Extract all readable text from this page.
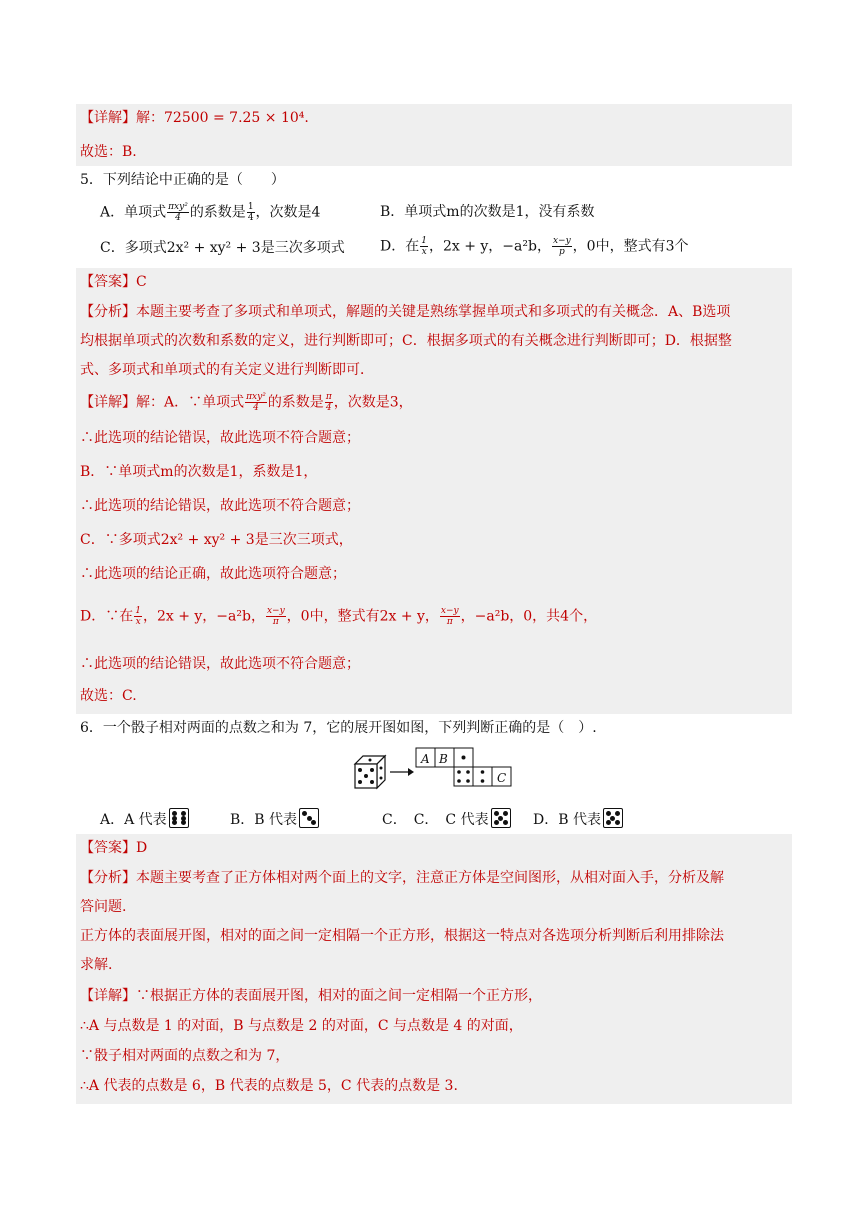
【详解】解：72500 = 7.25 × 10⁴.
故选：B.
5．下列结论中正确的是（　　）
A．单项式 $\frac{\text{πxy²}}{4}$ 的系数是 $\frac{1}{4}$ ，次数是4	B．单项式m的次数是1，没有系数
C．多项式2x² + xy² + 3是三次多项式	D．在 $\frac{1}{x}$ ，2x + y，−a²b， $\frac{x-y}{p}$ ，0中，整式有3个
【答案】C
【分析】本题主要考查了多项式和单项式，解题的关键是熟练掌握单项式和多项式的有关概念．A、B选项
均根据单项式的次数和系数的定义，进行判断即可；C．根据多项式的有关概念进行判断即可；D．根据整
式、多项式和单项式的有关定义进行判断即可．
【详解】解：A．∵单项式 $\frac{\text{πxy²}}{4}$ 的系数是 $\frac{\pi}{4}$ ，次数是3，
∴此选项的结论错误，故此选项不符合题意；
B．∵单项式m的次数是1，系数是1，
∴此选项的结论错误，故此选项不符合题意；
C．∵多项式2x² + xy² + 3是三次三项式，
∴此选项的结论正确，故此选项符合题意；
D．∵在 $\frac{1}{x}$ ，2x + y，−a²b， $\frac{x-y}{\pi}$ ，0中，整式有2x + y， $\frac{x-y}{\pi}$ ，−a²b，0，共4个，
∴此选项的结论错误，故此选项不符合题意；
故选：C.
6．一个骰子相对两面的点数之和为 7，它的展开图如图，下列判断正确的是（　）.
A B
C
A．A 代表	B．B 代表	C．　C．　C 代表	D．B 代表
【答案】D
【分析】本题主要考查了正方体相对两个面上的文字，注意正方体是空间图形，从相对面入手，分析及解
答问题.
正方体的表面展开图，相对的面之间一定相隔一个正方形，根据这一特点对各选项分析判断后利用排除法
求解.
【详解】∵根据正方体的表面展开图，相对的面之间一定相隔一个正方形，
∴A 与点数是 1 的对面，B 与点数是 2 的对面，C 与点数是 4 的对面，
∵骰子相对两面的点数之和为 7，
∴A 代表的点数是 6，B 代表的点数是 5，C 代表的点数是 3.
